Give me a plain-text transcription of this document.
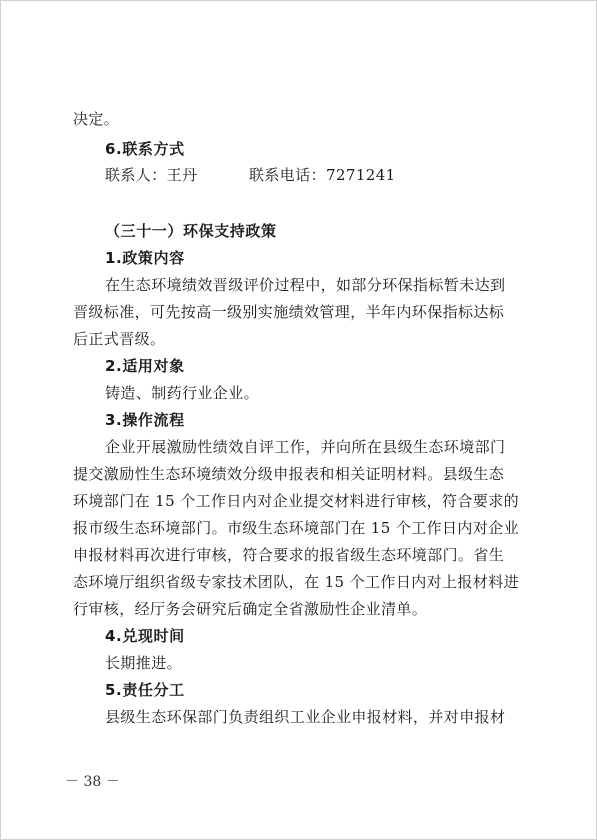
决定。
6.联系方式
联系人：王丹	联系电话：7271241
（三十一）环保支持政策
1.政策内容
在生态环境绩效晋级评价过程中，如部分环保指标暂未达到
晋级标准，可先按高一级别实施绩效管理，半年内环保指标达标
后正式晋级。
2.适用对象
铸造、制药行业企业。
3.操作流程
企业开展激励性绩效自评工作，并向所在县级生态环境部门
提交激励性生态环境绩效分级申报表和相关证明材料。县级生态
环境部门在 15 个工作日内对企业提交材料进行审核，符合要求的
报市级生态环境部门。市级生态环境部门在 15 个工作日内对企业
申报材料再次进行审核，符合要求的报省级生态环境部门。省生
态环境厅组织省级专家技术团队，在 15 个工作日内对上报材料进
行审核，经厅务会研究后确定全省激励性企业清单。
4.兑现时间
长期推进。
5.责任分工
县级生态环保部门负责组织工业企业申报材料，并对申报材
－ 38 －
